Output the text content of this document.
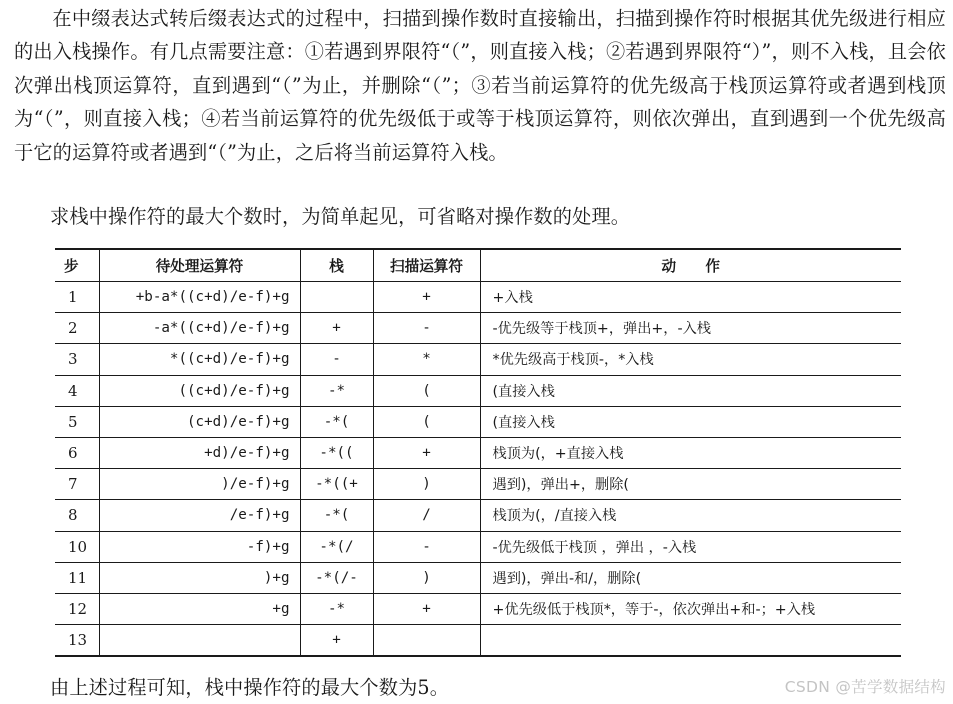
在中缀表达式转后缀表达式的过程中，扫描到操作数时直接输出，扫描到操作符时根据其优先级进行相应的出入栈操作。有几点需要注意：①若遇到界限符“（”，则直接入栈；②若遇到界限符“）”，则不入栈，且会依次弹出栈顶运算符，直到遇到“（”为止，并删除“（”；③若当前运算符的优先级高于栈顶运算符或者遇到栈顶为“（”，则直接入栈；④若当前运算符的优先级低于或等于栈顶运算符，则依次弹出，直到遇到一个优先级高于它的运算符或者遇到“（”为止，之后将当前运算符入栈。

求栈中操作符的最大个数时，为简单起见，可省略对操作数的处理。

步	待处理运算符	栈	扫描运算符	动　　作
1	+b-a*((c+d)/e-f)+g		+	+入栈
2	-a*((c+d)/e-f)+g	+	-	-优先级等于栈顶+，弹出+，-入栈
3	*((c+d)/e-f)+g	-	*	*优先级高于栈顶-，*入栈
4	((c+d)/e-f)+g	-*	(	(直接入栈
5	(c+d)/e-f)+g	-*(	(	(直接入栈
6	+d)/e-f)+g	-*((	+	栈顶为(，+直接入栈
7	)/e-f)+g	-*((+	)	遇到)，弹出+，删除(
8	/e-f)+g	-*(	/	栈顶为(，/直接入栈
10	-f)+g	-*(/	-	-优先级低于栈顶 ，弹出 ，-入栈
11	)+g	-*(/-	)	遇到)，弹出-和/，删除(
12	+g	-*	+	+优先级低于栈顶*，等于-，依次弹出+和-；+入栈
13		+		

由上述过程可知，栈中操作符的最大个数为5。	CSDN @苦学数据结构
